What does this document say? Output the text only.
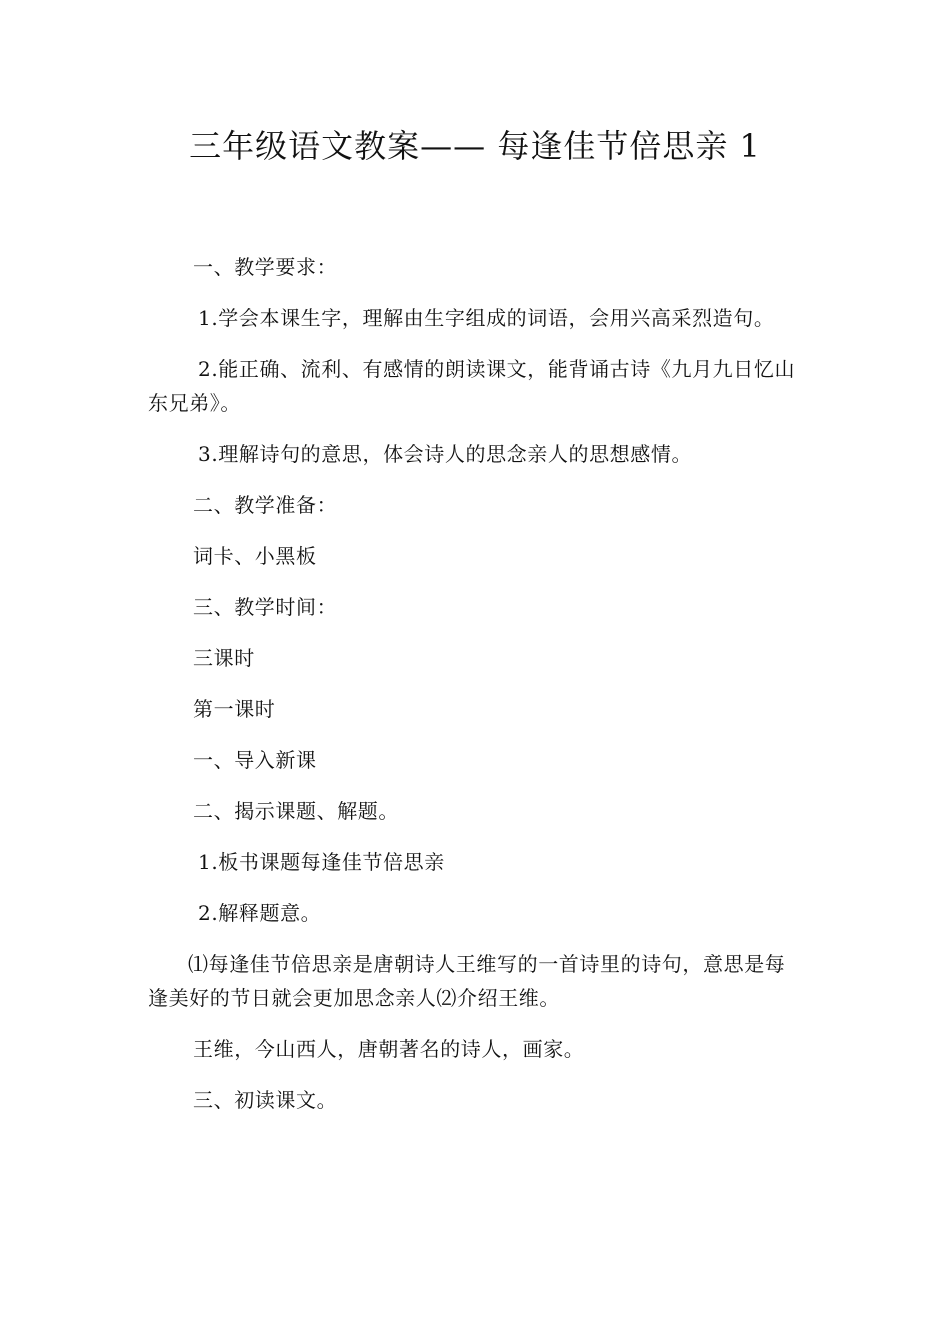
三年级语文教案—— 每逢佳节倍思亲 1

一、教学要求：

1.学会本课生字，理解由生字组成的词语，会用兴高采烈造句。

2.能正确、流利、有感情的朗读课文，能背诵古诗《九月九日忆山东兄弟》。

3.理解诗句的意思，体会诗人的思念亲人的思想感情。

二、教学准备：

词卡、小黑板

三、教学时间：

三课时

第一课时

一、导入新课

二、揭示课题、解题。

1.板书课题每逢佳节倍思亲

2.解释题意。

⑴每逢佳节倍思亲是唐朝诗人王维写的一首诗里的诗句，意思是每逢美好的节日就会更加思念亲人⑵介绍王维。

王维，今山西人，唐朝著名的诗人，画家。

三、初读课文。
